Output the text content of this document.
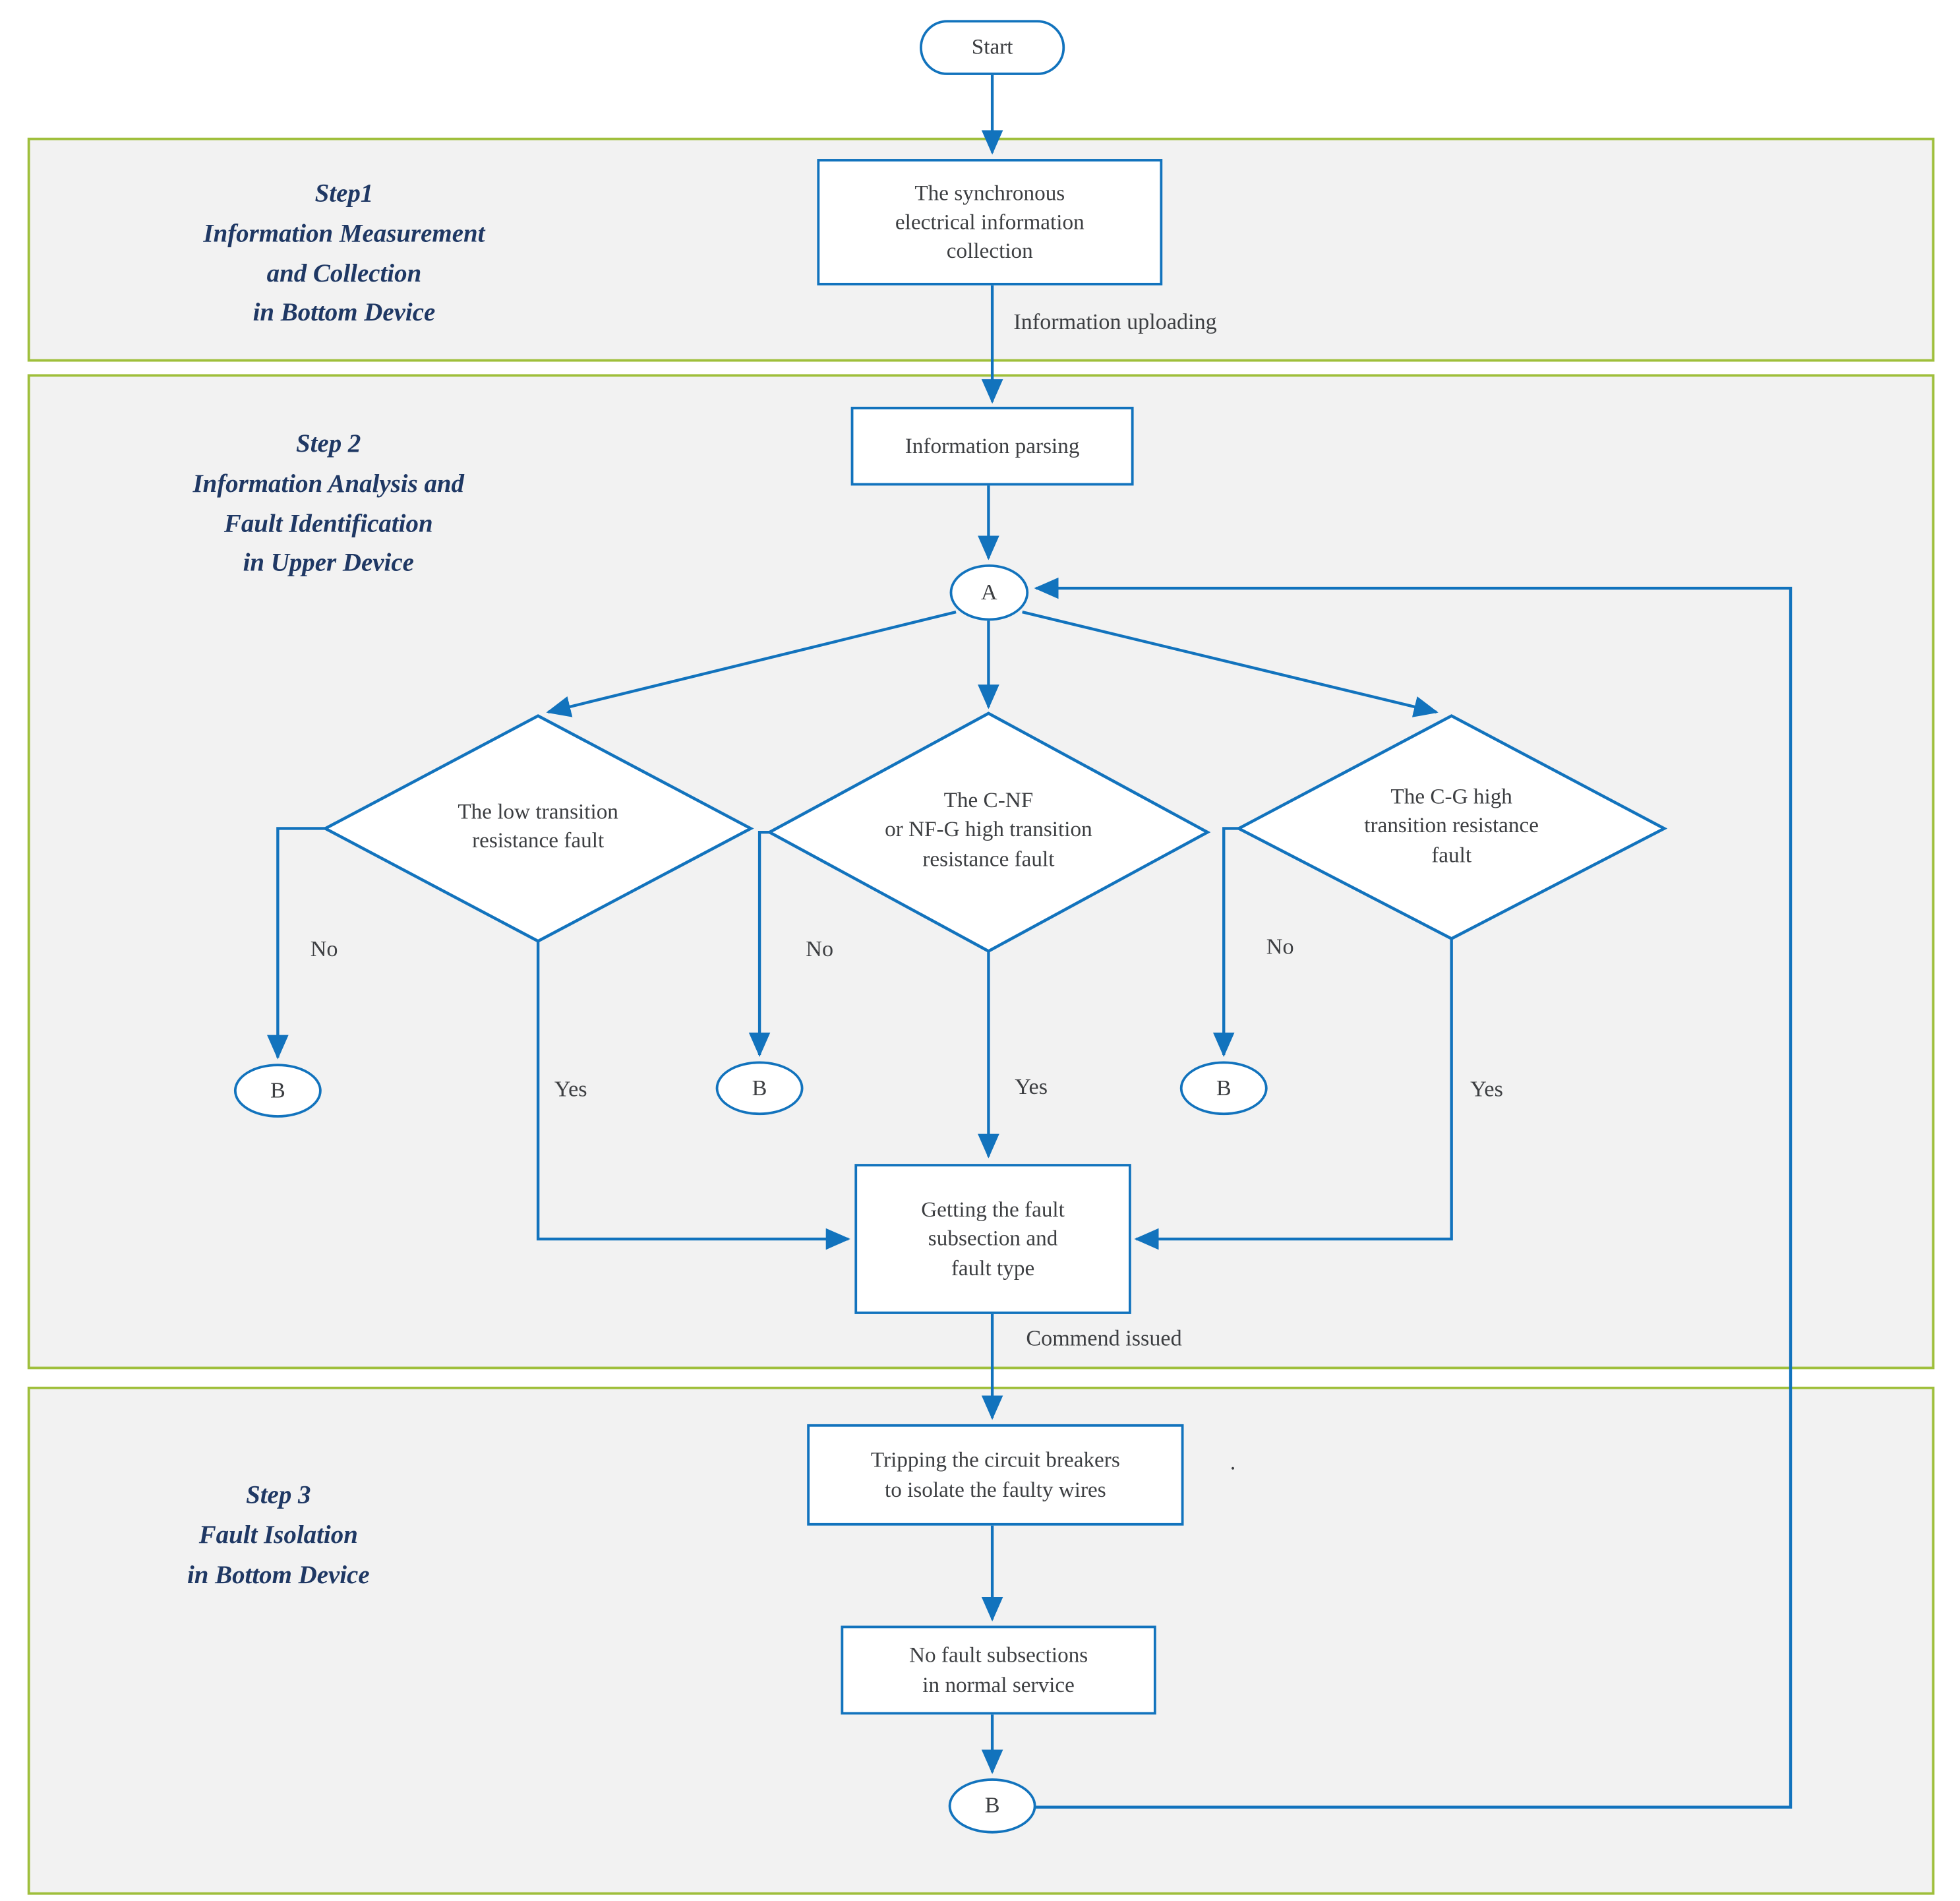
Step1
Information Measurement
and Collection
in Bottom Device
Step 2
Information Analysis and
Fault Identification
in Upper Device
Step 3
Fault Isolation
in Bottom Device
Start
The synchronous
electrical information
collection
Information parsing
A
The low transition
resistance fault
The C-NF
or NF-G high transition
resistance fault
The C-G high
transition resistance
fault
B	B	B
Getting the fault
subsection and
fault type
Tripping the circuit breakers
to isolate the faulty wires
No fault subsections
in normal service
B
Information uploading
Commend issued
No	No	No
Yes	Yes	Yes
.
